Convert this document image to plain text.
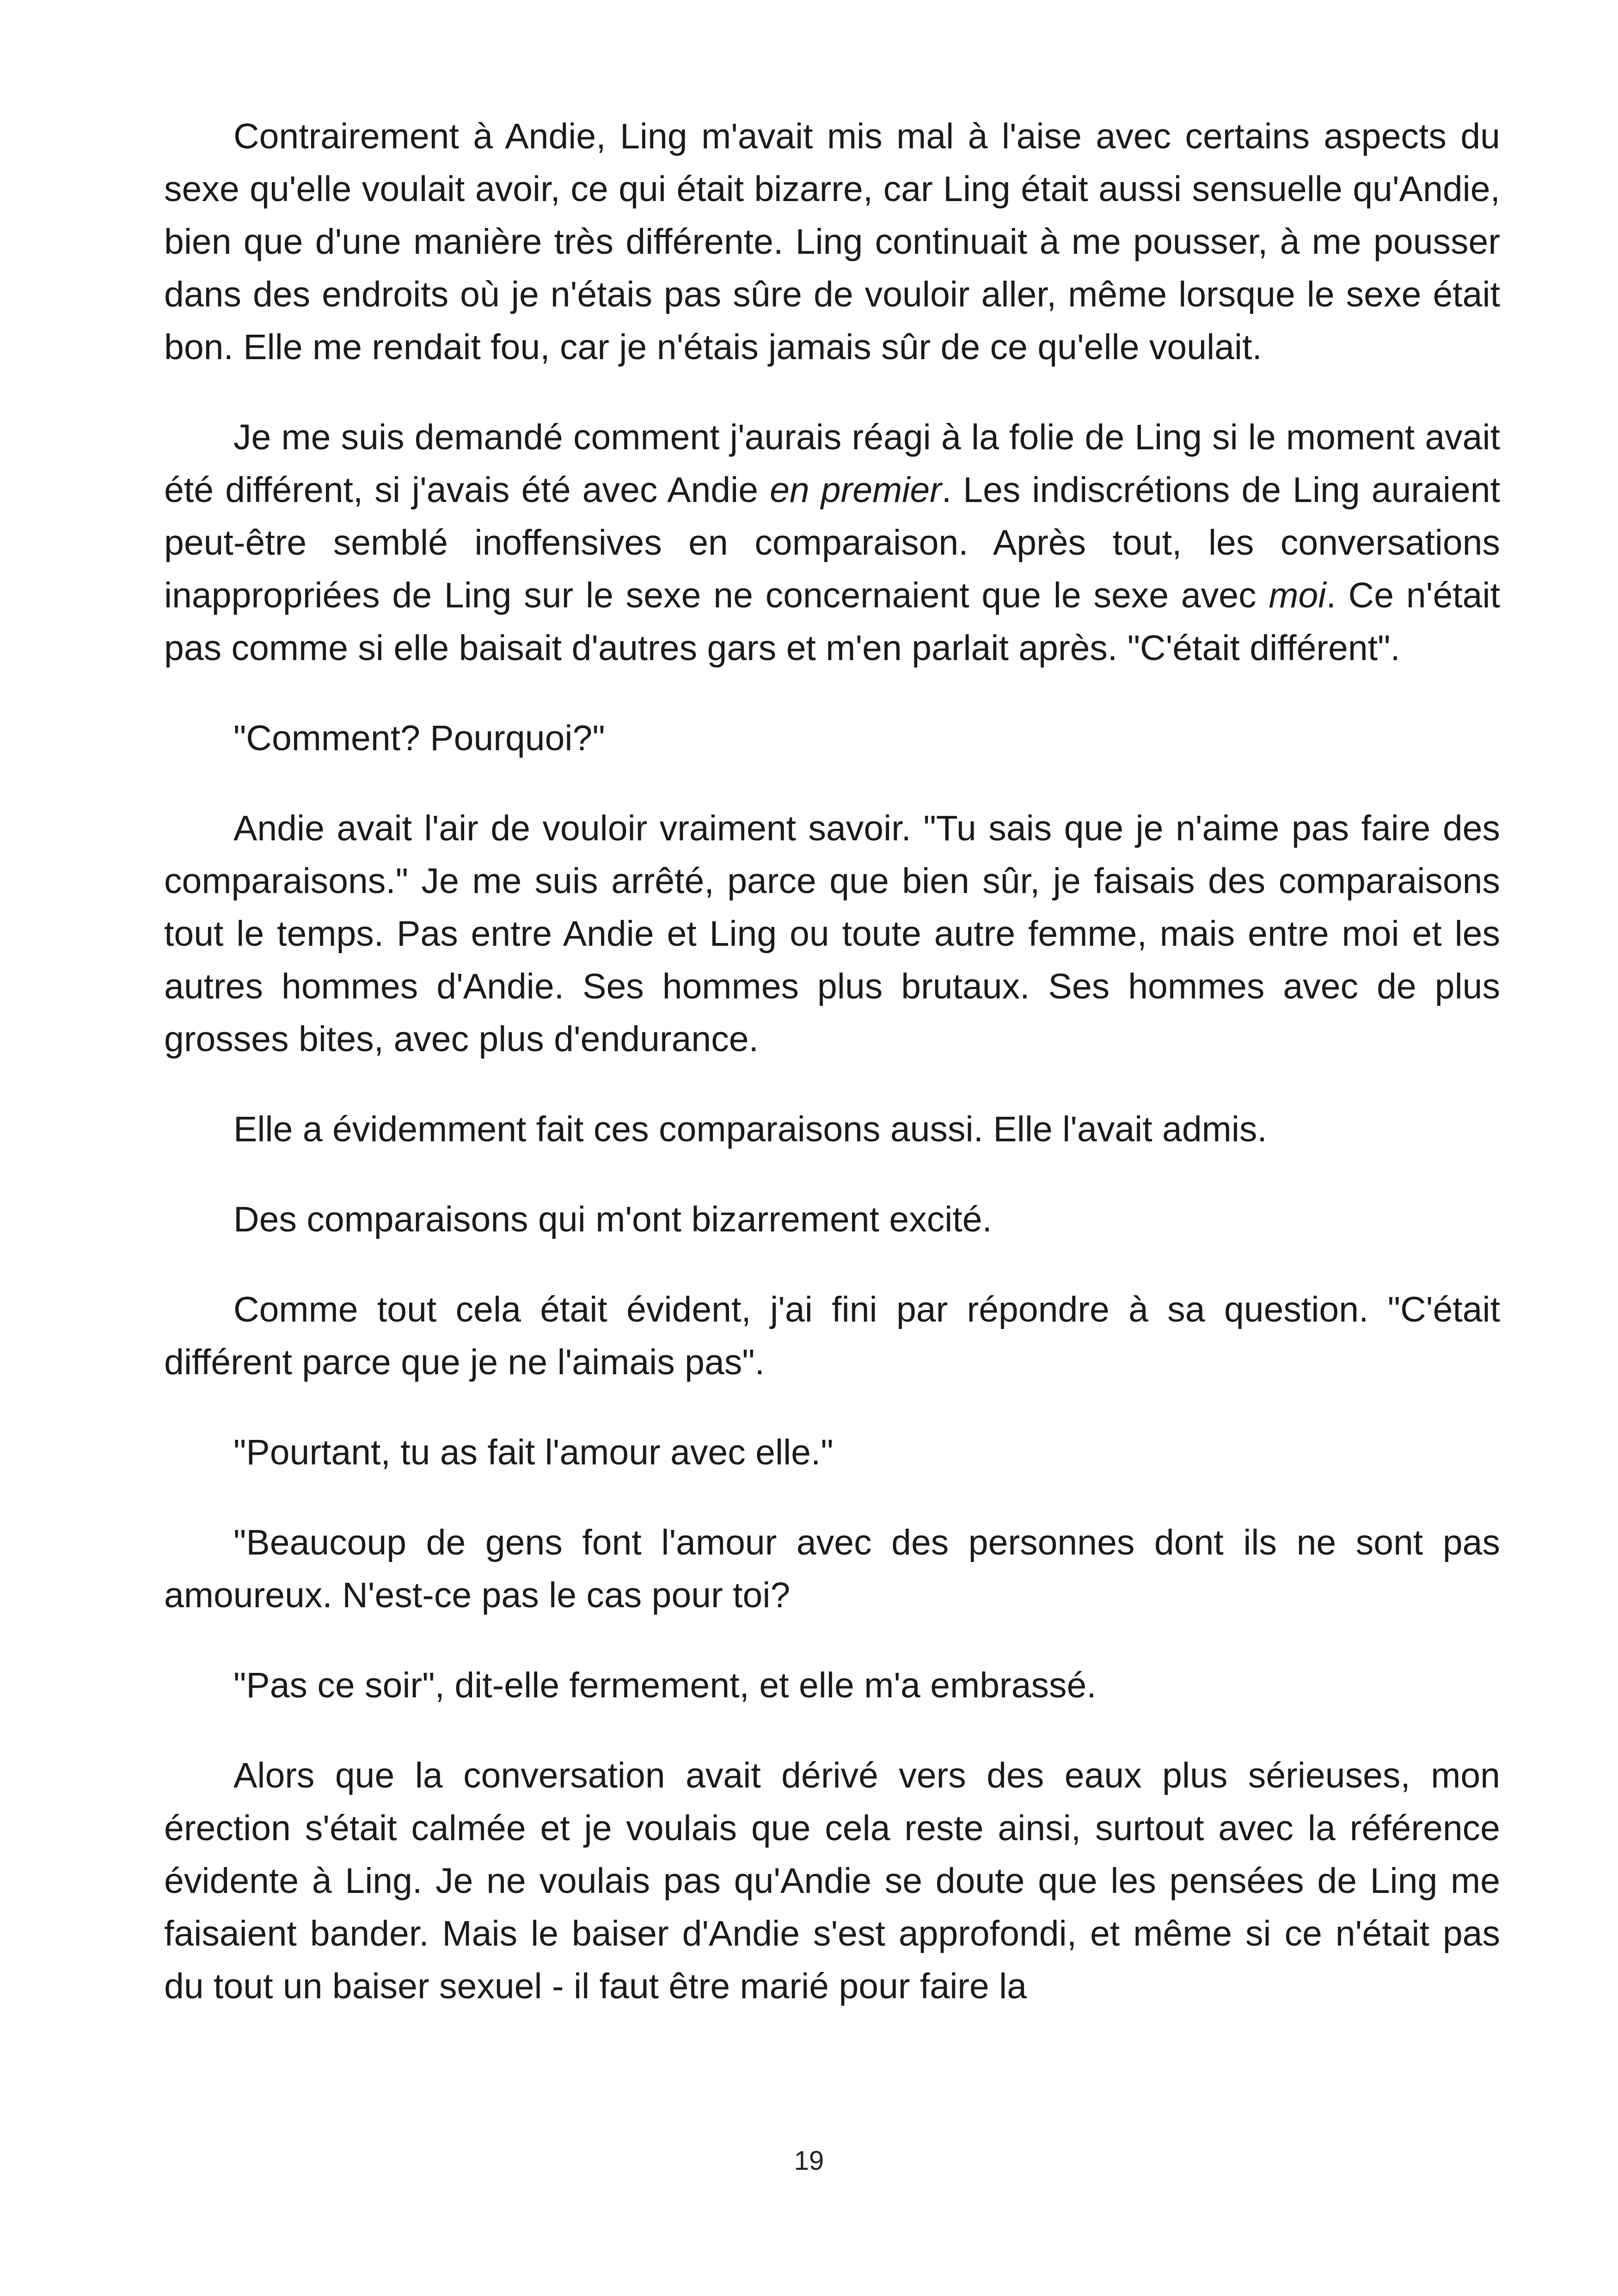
Contrairement à Andie, Ling m'avait mis mal à l'aise avec certains aspects du sexe qu'elle voulait avoir, ce qui était bizarre, car Ling était aussi sensuelle qu'Andie, bien que d'une manière très différente. Ling continuait à me pousser, à me pousser dans des endroits où je n'étais pas sûre de vouloir aller, même lorsque le sexe était bon. Elle me rendait fou, car je n'étais jamais sûr de ce qu'elle voulait.

Je me suis demandé comment j'aurais réagi à la folie de Ling si le moment avait été différent, si j'avais été avec Andie en premier. Les indiscrétions de Ling auraient peut-être semblé inoffensives en comparaison. Après tout, les conversations inappropriées de Ling sur le sexe ne concernaient que le sexe avec moi. Ce n'était pas comme si elle baisait d'autres gars et m'en parlait après. "C'était différent".

"Comment? Pourquoi?"

Andie avait l'air de vouloir vraiment savoir. "Tu sais que je n'aime pas faire des comparaisons." Je me suis arrêté, parce que bien sûr, je faisais des comparaisons tout le temps. Pas entre Andie et Ling ou toute autre femme, mais entre moi et les autres hommes d'Andie. Ses hommes plus brutaux. Ses hommes avec de plus grosses bites, avec plus d'endurance.

Elle a évidemment fait ces comparaisons aussi. Elle l'avait admis.

Des comparaisons qui m'ont bizarrement excité.

Comme tout cela était évident, j'ai fini par répondre à sa question. "C'était différent parce que je ne l'aimais pas".

"Pourtant, tu as fait l'amour avec elle."

"Beaucoup de gens font l'amour avec des personnes dont ils ne sont pas amoureux. N'est-ce pas le cas pour toi?

"Pas ce soir", dit-elle fermement, et elle m'a embrassé.

Alors que la conversation avait dérivé vers des eaux plus sérieuses, mon érection s'était calmée et je voulais que cela reste ainsi, surtout avec la référence évidente à Ling. Je ne voulais pas qu'Andie se doute que les pensées de Ling me faisaient bander. Mais le baiser d'Andie s'est approfondi, et même si ce n'était pas du tout un baiser sexuel - il faut être marié pour faire la

19
